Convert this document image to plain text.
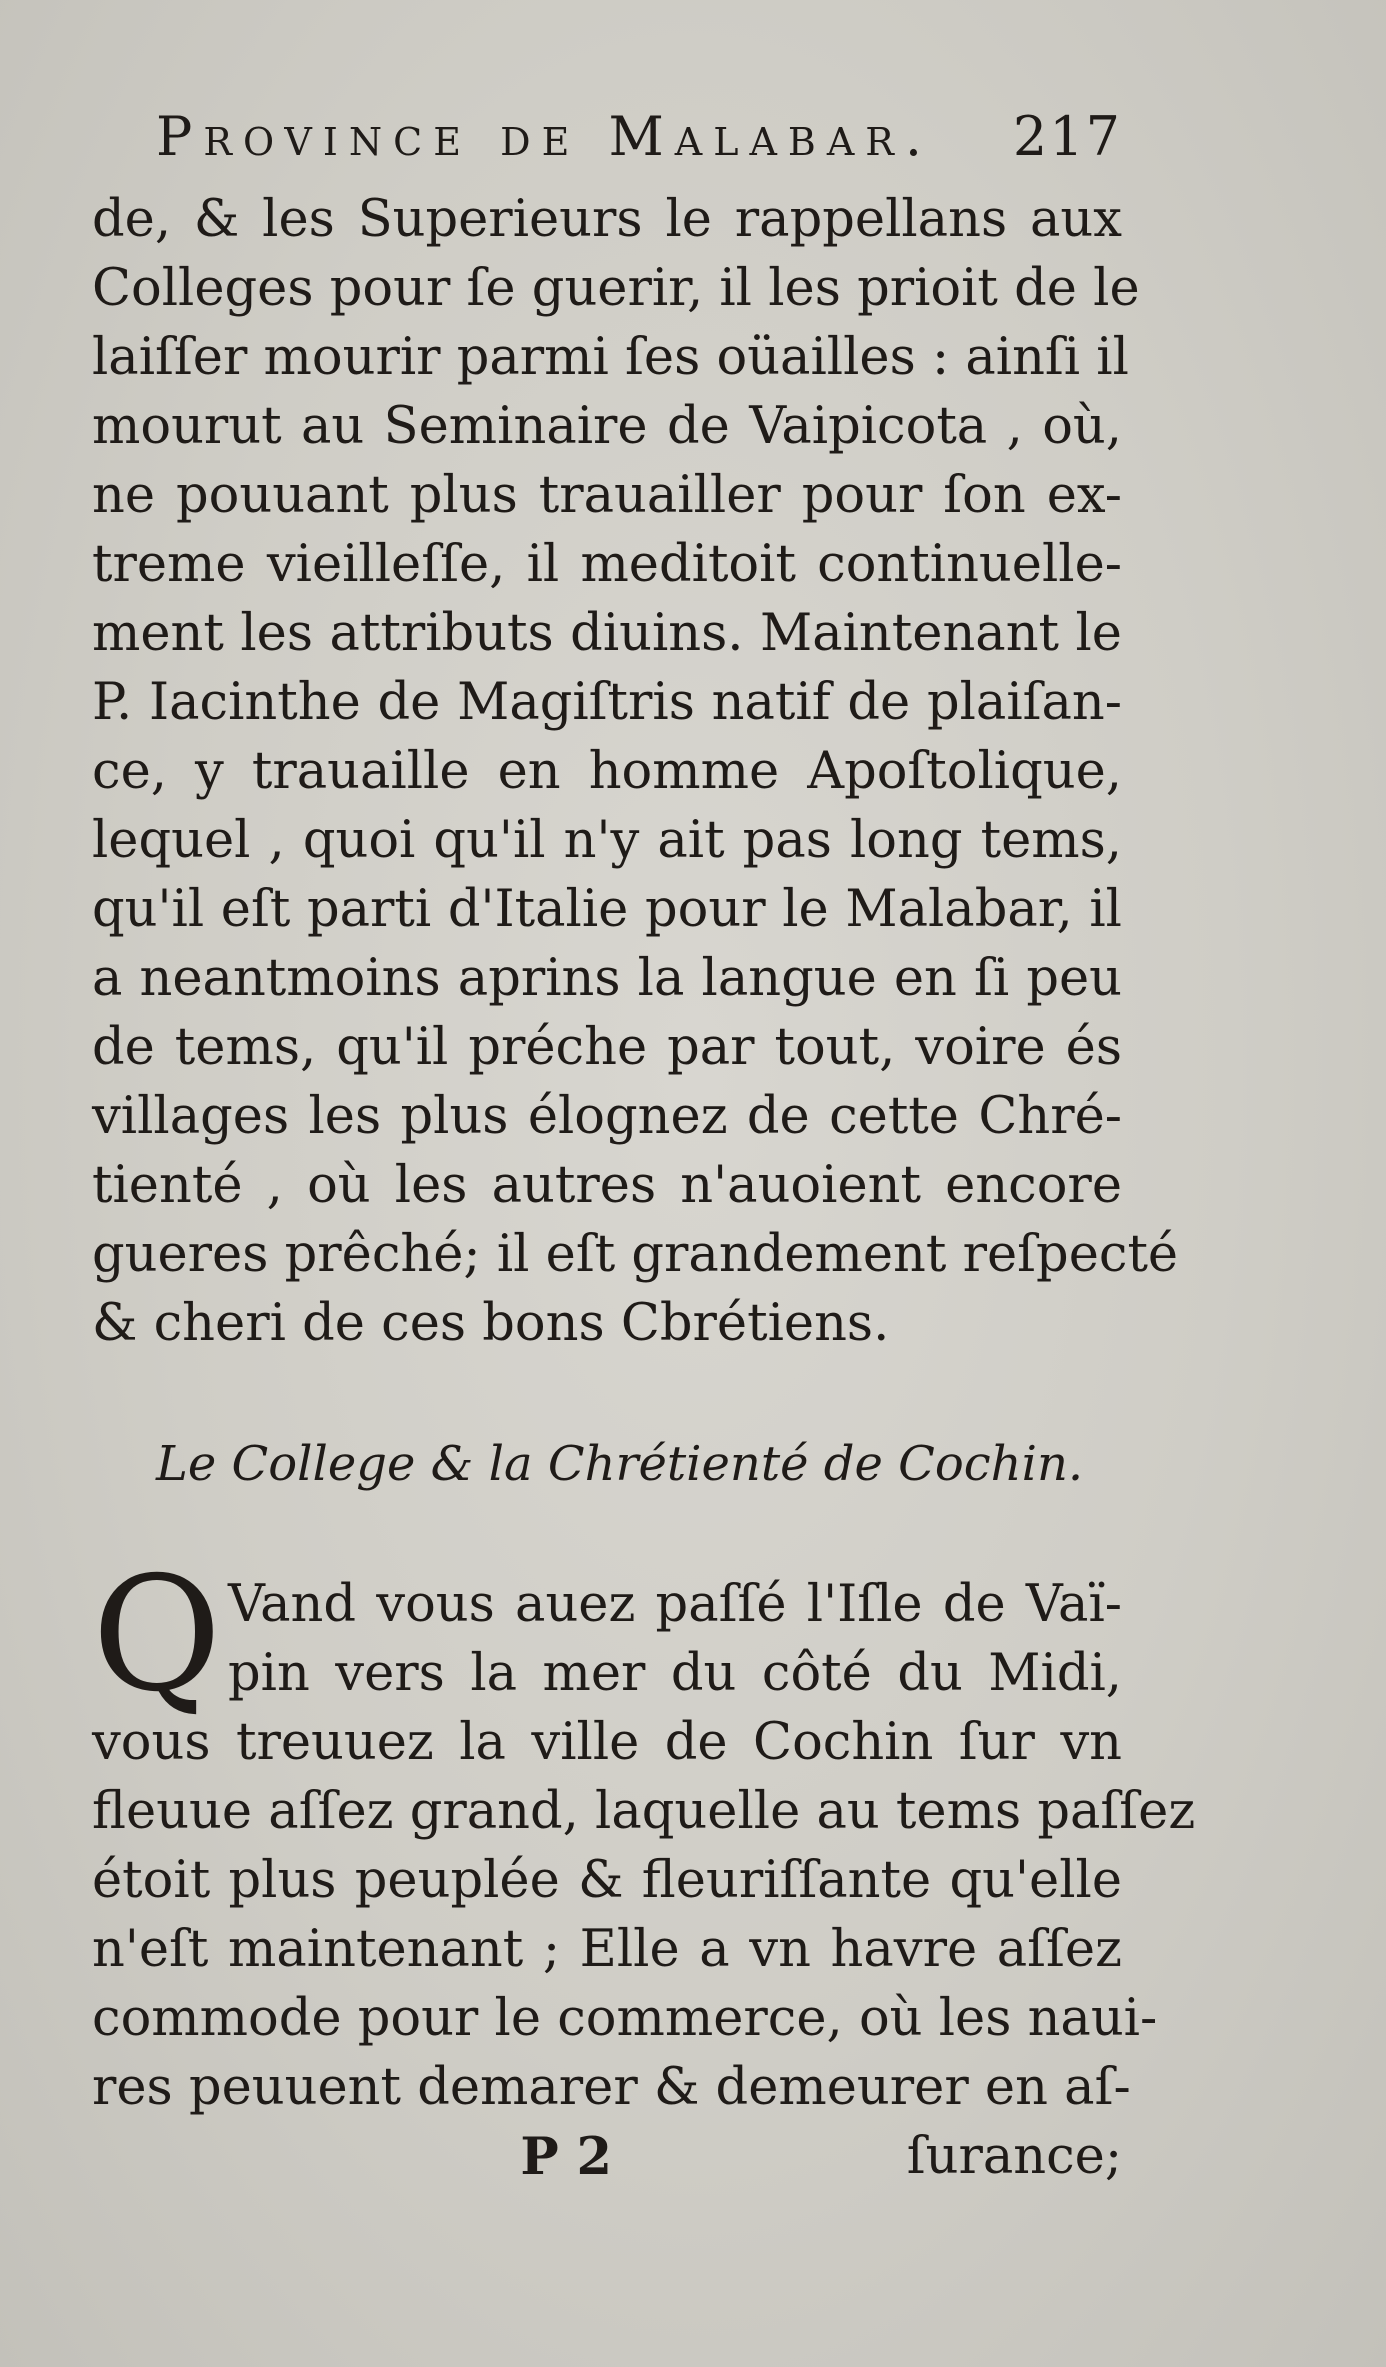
Province de Malabar. 217
de, & les Superieurs le rappellans aux
Colleges pour ſe guerir, il les prioit de le
laiſſer mourir parmi ſes oüailles : ainſi il
mourut au Seminaire de Vaipicota , où,
ne pouuant plus trauailler pour ſon ex-
treme vieilleſſe, il meditoit continuelle-
ment les attributs diuins. Maintenant le
P. Iacinthe de Magiſtris natif de plaiſan-
ce, y trauaille en homme Apoſtolique,
lequel , quoi qu'il n'y ait pas long tems,
qu'il eſt parti d'Italie pour le Malabar, il
a neantmoins aprins la langue en ſi peu
de tems, qu'il préche par tout, voire és
villages les plus élognez de cette Chré-
tienté , où les autres n'auoient encore
gueres prêché; il eſt grandement reſpecté
& cheri de ces bons Cbrétiens.
Le College & la Chrétienté de Cochin.
Q Vand vous auez paſſé l'Iſle de Vaï-
pin vers la mer du côté du Midi,
vous treuuez la ville de Cochin ſur vn
fleuue aſſez grand, laquelle au tems paſſez
étoit plus peuplée & fleuriſſante qu'elle
n'eſt maintenant ; Elle a vn havre aſſez
commode pour le commerce, où les naui-
res peuuent demarer & demeurer en aſ-
P 2	ſurance;
